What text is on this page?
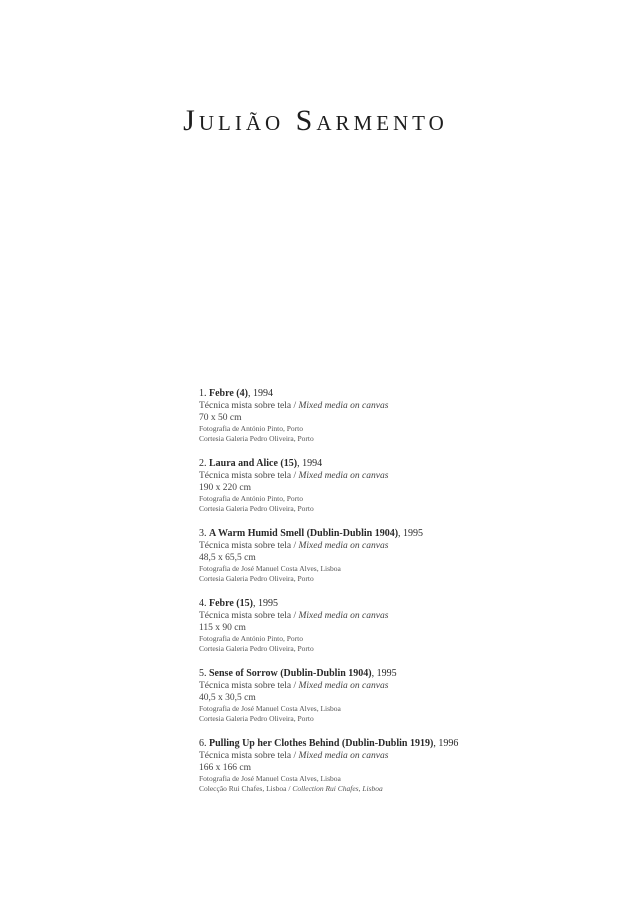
Julião Sarmento
1. Febre (4), 1994
Técnica mista sobre tela / Mixed media on canvas
70 x 50 cm
Fotografia de António Pinto, Porto
Cortesia Galeria Pedro Oliveira, Porto
2. Laura and Alice (15), 1994
Técnica mista sobre tela / Mixed media on canvas
190 x 220 cm
Fotografia de António Pinto, Porto
Cortesia Galeria Pedro Oliveira, Porto
3. A Warm Humid Smell (Dublin-Dublin 1904), 1995
Técnica mista sobre tela / Mixed media on canvas
48,5 x 65,5 cm
Fotografia de José Manuel Costa Alves, Lisboa
Cortesia Galeria Pedro Oliveira, Porto
4. Febre (15), 1995
Técnica mista sobre tela / Mixed media on canvas
115 x 90 cm
Fotografia de António Pinto, Porto
Cortesia Galeria Pedro Oliveira, Porto
5. Sense of Sorrow (Dublin-Dublin 1904), 1995
Técnica mista sobre tela / Mixed media on canvas
40,5 x 30,5 cm
Fotografia de José Manuel Costa Alves, Lisboa
Cortesia Galeria Pedro Oliveira, Porto
6. Pulling Up her Clothes Behind (Dublin-Dublin 1919), 1996
Técnica mista sobre tela / Mixed media on canvas
166 x 166 cm
Fotografia de José Manuel Costa Alves, Lisboa
Colecção Rui Chafes, Lisboa / Collection Rui Chafes, Lisboa
